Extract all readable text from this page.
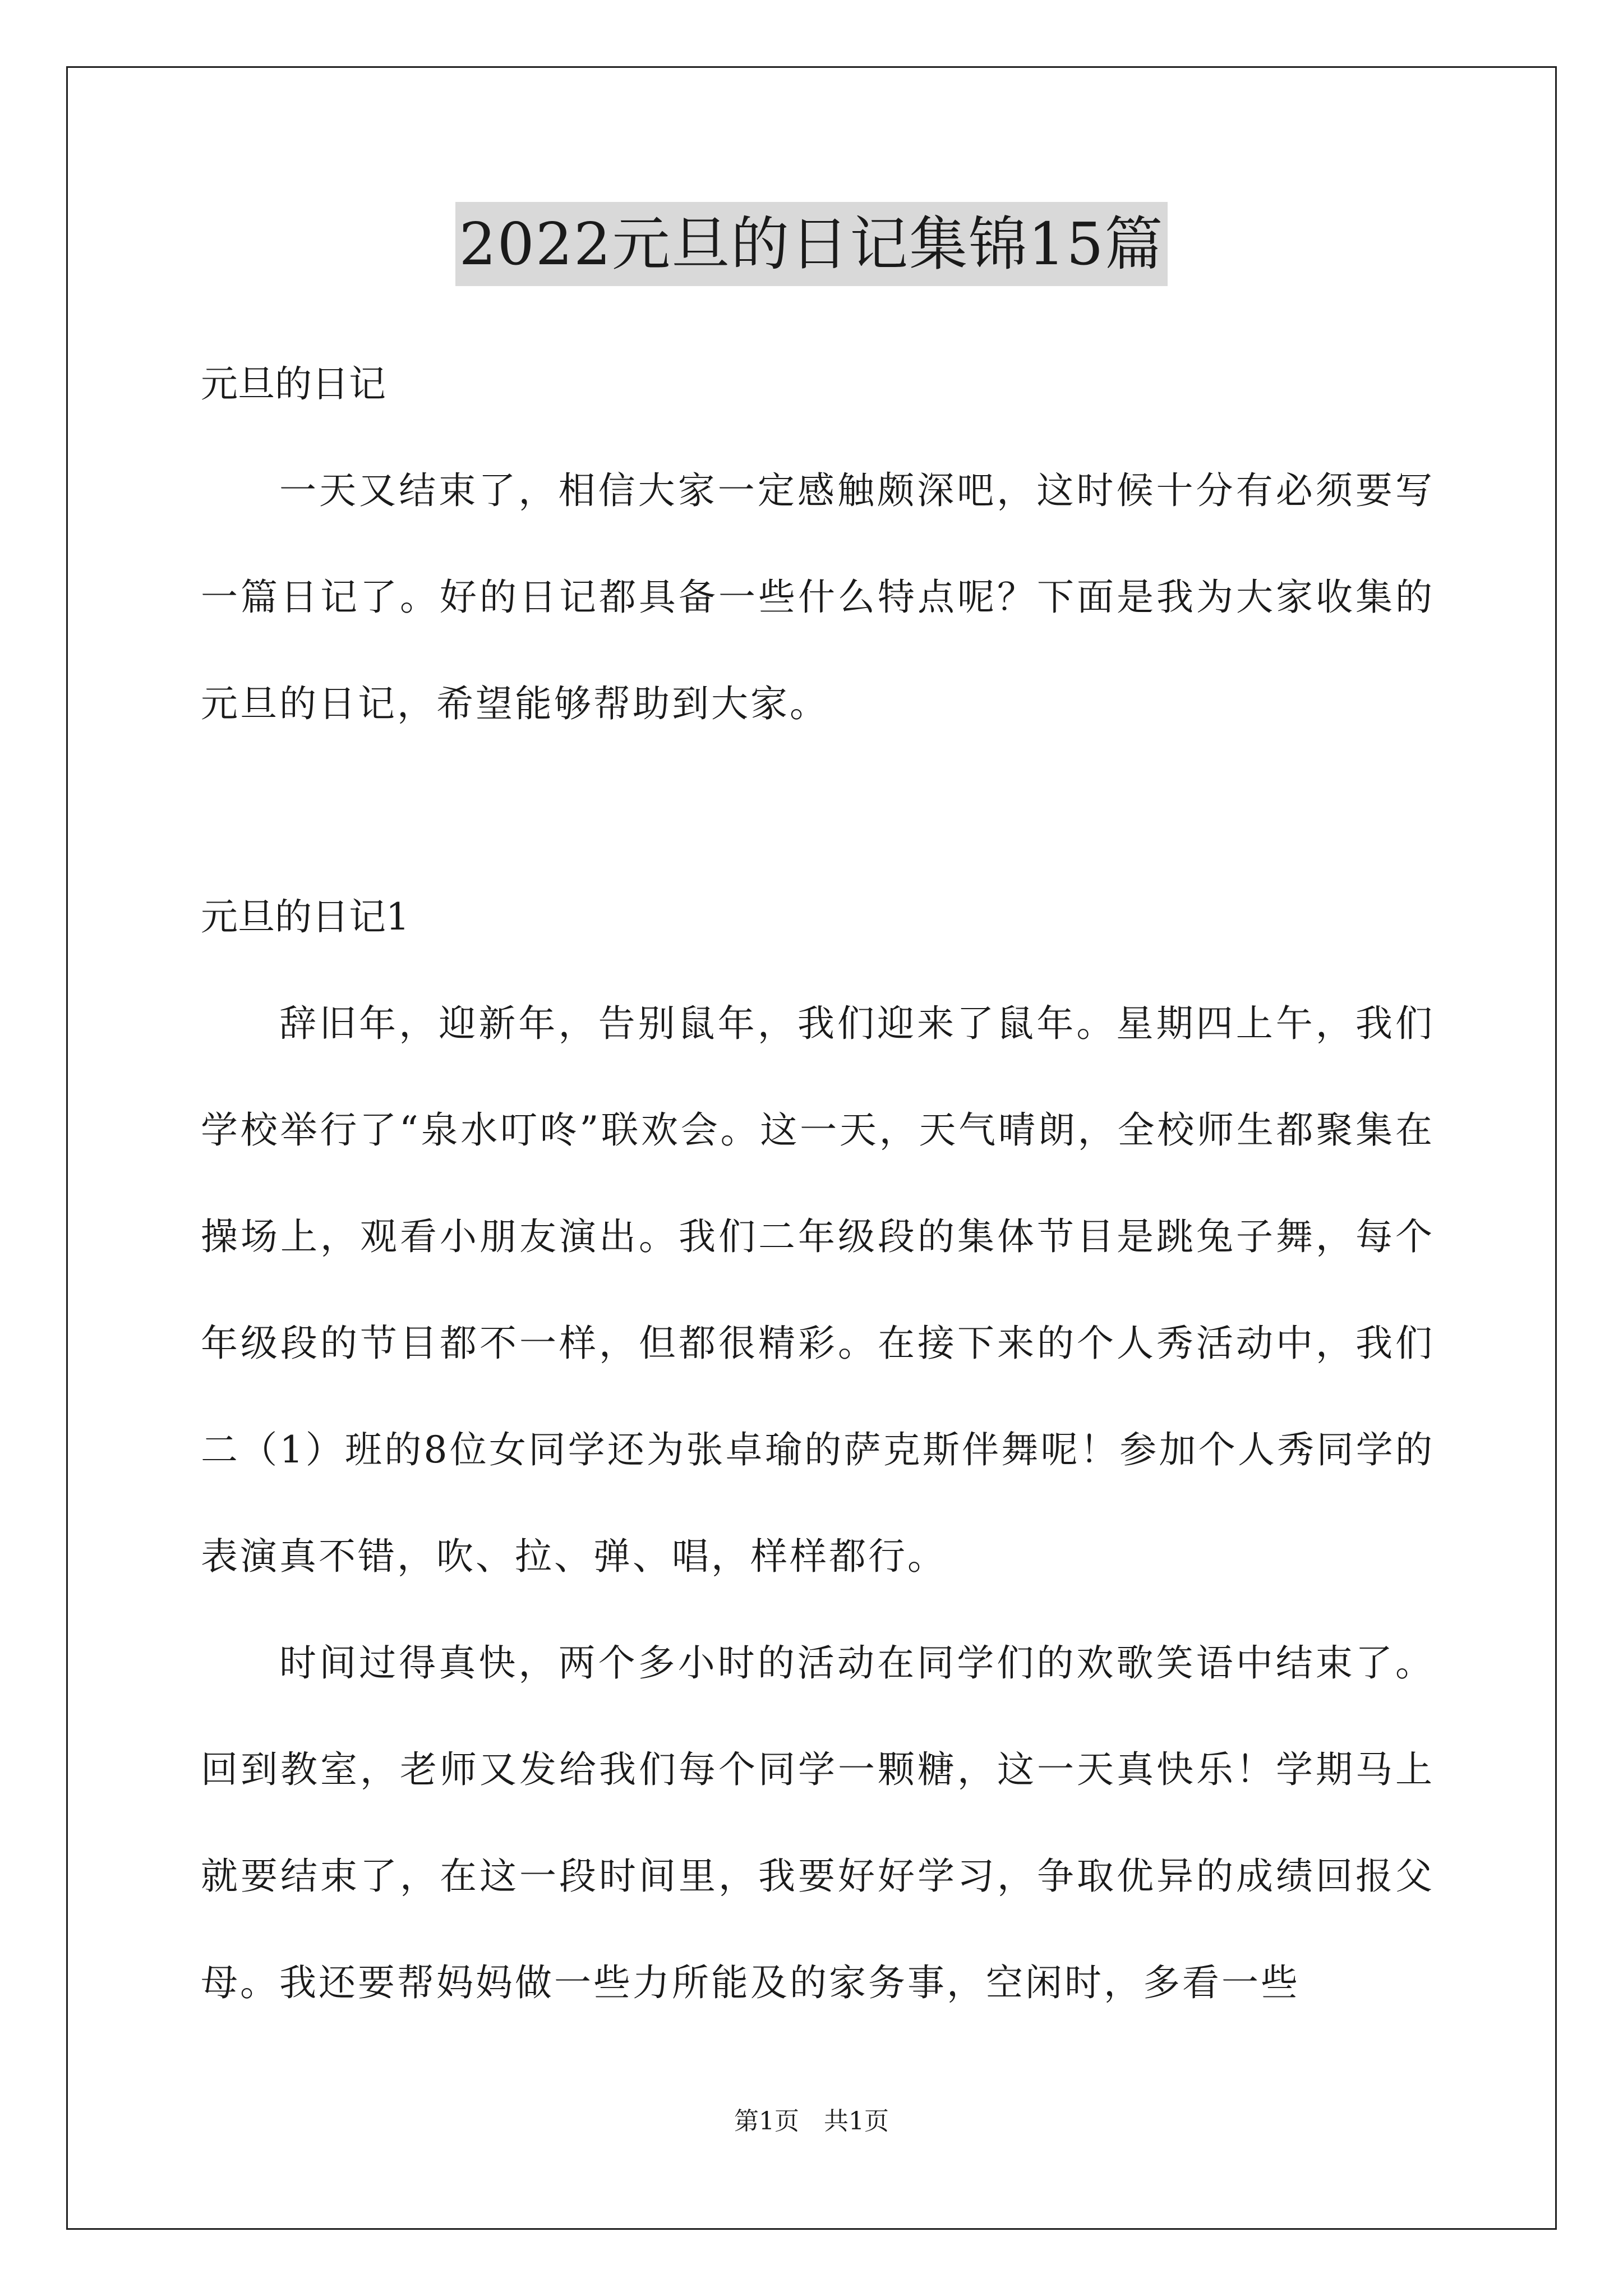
2022元旦的日记集锦15篇

元旦的日记

一天又结束了，相信大家一定感触颇深吧，这时候十分有必须要写一篇日记了。好的日记都具备一些什么特点呢？下面是我为大家收集的元旦的日记，希望能够帮助到大家。

元旦的日记1

辞旧年，迎新年，告别鼠年，我们迎来了鼠年。星期四上午，我们学校举行了“泉水叮咚”联欢会。这一天，天气晴朗，全校师生都聚集在操场上，观看小朋友演出。我们二年级段的集体节目是跳兔子舞，每个年级段的节目都不一样，但都很精彩。在接下来的个人秀活动中，我们二（1）班的8位女同学还为张卓瑜的萨克斯伴舞呢！参加个人秀同学的表演真不错，吹、拉、弹、唱，样样都行。

时间过得真快，两个多小时的活动在同学们的欢歌笑语中结束了。回到教室，老师又发给我们每个同学一颗糖，这一天真快乐！学期马上就要结束了，在这一段时间里，我要好好学习，争取优异的成绩回报父母。我还要帮妈妈做一些力所能及的家务事，空闲时，多看一些

第1页 共1页
